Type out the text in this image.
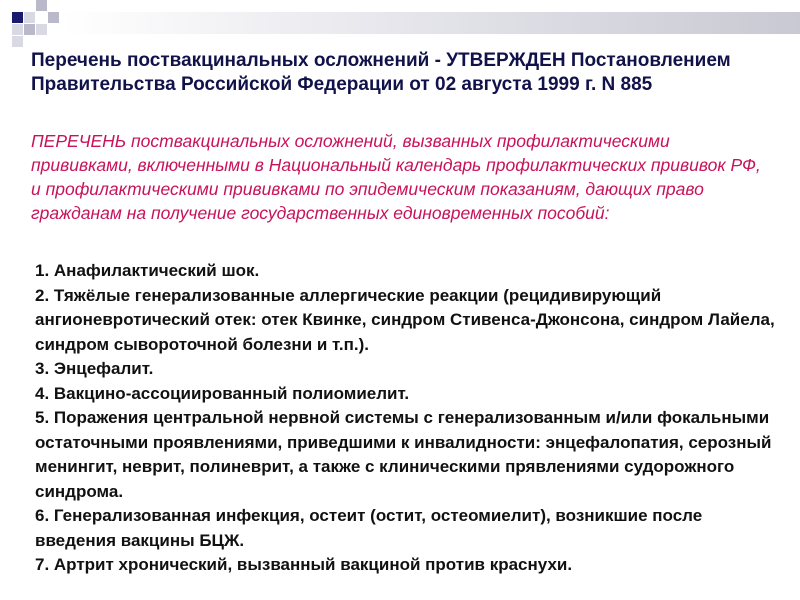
Перечень поствакцинальных осложнений - УТВЕРЖДЕН Постановлением Правительства Российской Федерации от 02 августа 1999 г. N 885

ПЕРЕЧЕНЬ поствакцинальных осложнений, вызванных профилактическими прививками, включенными в Национальный календарь профилактических прививок РФ, и профилактическими прививками по эпидемическим показаниям, дающих право гражданам на получение государственных единовременных пособий:

1. Анафилактический шок.
2. Тяжёлые генерализованные аллергические реакции (рецидивирующий ангионевротический отек: отек Квинке, синдром Стивенса-Джонсона, синдром Лайела, синдром сывороточной болезни и т.п.).
3. Энцефалит.
4. Вакцино-ассоциированный полиомиелит.
5. Поражения центральной нервной системы с генерализованным и/или фокальными остаточными проявлениями, приведшими к инвалидности: энцефалопатия, серозный менингит, неврит, полиневрит, а также с клиническими прявлениями судорожного синдрома.
6. Генерализованная инфекция, остеит (остит, остеомиелит), возникшие после введения вакцины БЦЖ.
7. Артрит хронический, вызванный вакциной против краснухи.
